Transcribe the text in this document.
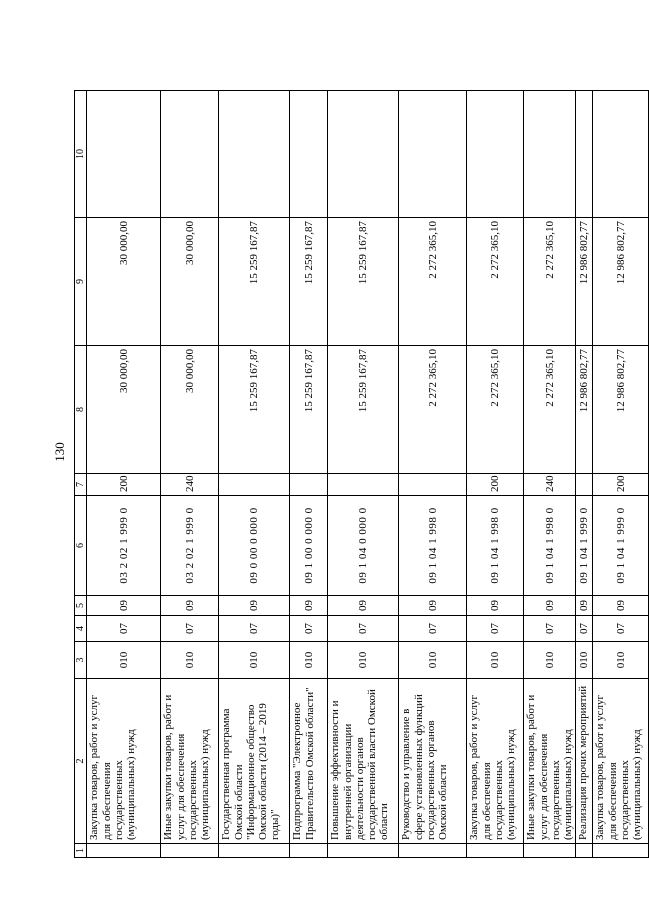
130
1	2	3	4	5	6	7	8	9	10
	Закупка товаров, работ и услуг для обеспечения государственных (муниципальных) нужд	010	07	09	03 2 02 1 999 0	200	30 000,00	30 000,00	
	Иные закупки товаров, работ и услуг для обеспечения государственных (муниципальных) нужд	010	07	09	03 2 02 1 999 0	240	30 000,00	30 000,00	
	Государственная программа Омской области "Информационное общество Омской области (2014 – 2019 годы)"	010	07	09	09 0 00 0 000 0		15 259 167,87	15 259 167,87	
	Подпрограмма "Электронное Правительство Омской области"	010	07	09	09 1 00 0 000 0		15 259 167,87	15 259 167,87	
	Повышение эффективности и внутренней организации деятельности органов государственной власти Омской области	010	07	09	09 1 04 0 000 0		15 259 167,87	15 259 167,87	
	Руководство и управление в сфере установленных функций государственных органов Омской области	010	07	09	09 1 04 1 998 0		2 272 365,10	2 272 365,10	
	Закупка товаров, работ и услуг для обеспечения государственных (муниципальных) нужд	010	07	09	09 1 04 1 998 0	200	2 272 365,10	2 272 365,10	
	Иные закупки товаров, работ и услуг для обеспечения государственных (муниципальных) нужд	010	07	09	09 1 04 1 998 0	240	2 272 365,10	2 272 365,10	
	Реализация прочих мероприятий	010	07	09	09 1 04 1 999 0		12 986 802,77	12 986 802,77	
	Закупка товаров, работ и услуг для обеспечения государственных (муниципальных) нужд	010	07	09	09 1 04 1 999 0	200	12 986 802,77	12 986 802,77	
